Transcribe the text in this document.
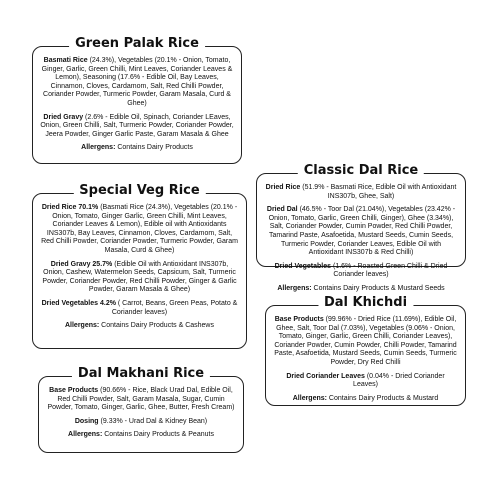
Green Palak Rice

Basmati Rice (24.3%), Vegetables (20.1% - Onion, Tomato, Ginger, Garlic, Green Chilli, Mint Leaves, Coriander Leaves & Lemon), Seasoning (17.6% - Edible Oil, Bay Leaves, Cinnamon, Cloves, Cardamom, Salt, Red Chilli Powder, Coriander Powder, Turmeric Powder, Garam Masala, Curd & Ghee)

Dried Gravy (2.6% - Edible Oil, Spinach, Coriander LEaves, Onion, Green Chilli, Salt, Turmeric Powder, Coriander Powder, Jeera Powder, Ginger Garlic Paste, Garam Masala & Ghee

Allergens: Contains Dairy Products

Special Veg Rice

Dried Rice 70.1% (Basmati Rice (24.3%), Vegetables (20.1% - Onion, Tomato, Ginger Garlic, Green Chilli, Mint Leaves, Coriander Leaves & Lemon), Edible oil with Antioxidants INS307b, Bay Leaves, Cinnamon, Cloves, Cardamom, Salt, Red Chilli Powder, Coriander Powder, Turmeric Powder, Garam Masala, Curd & Ghee)

Dried Gravy 25.7% (Edible Oil with Antioxidant INS307b, Onion, Cashew, Watermelon Seeds, Capsicum, Salt, Turmeric Powder, Coriander Powder, Red Chilli Powder, Ginger & Garlic Powder, Garam Masala & Ghee)

Dried Vegetables 4.2% ( Carrot, Beans, Green Peas, Potato & Coriander leaves)

Allergens: Contains Dairy Products & Cashews

Dal Makhani Rice

Base Products (90.66% - Rice, Black Urad Dal, Edible Oil, Red Chilli Powder, Salt, Garam Masala, Sugar, Cumin Powder, Tomato, Ginger, Garlic, Ghee, Butter, Fresh Cream)

Dosing (9.33% - Urad Dal & Kidney Bean)

Allergens: Contains Dairy Products & Peanuts

Classic Dal Rice

Dried Rice (51.9% - Basmati Rice, Edible Oil with Antioxidant INS307b, Ghee, Salt)

Dried Dal (46.5% - Toor Dal (21.04%), Vegetables (23.42% - Onion, Tomato, Garlic, Green Chilli, Ginger), Ghee (3.34%), Salt, Coriander Powder, Cumin Powder, Red Chilli Powder, Tamarind Paste, Asafoetida, Mustard Seeds, Cumin Seeds, Turmeric Powder, Coriander Leaves, Edible Oil with Antioxidant INS307b & Red Chilli)

Dried Vegetables (1.6% - Roasted Green Chilli & Dried Coriander leaves)

Allergens: Contains Dairy Products & Mustard Seeds

Dal Khichdi

Base Products (99.96% - Dried Rice (11.69%), Edible Oil, Ghee, Salt, Toor Dal (7.03%), Vegetables (9.06% - Onion, Tomato, Ginger, Garlic, Green Chilli, Coriander Leaves), Coriander Powder, Cumin Powder, Chilli Powder, Tamarind Paste, Asafoetida, Mustard Seeds, Cumin Seeds, Turmeric Powder, Dry Red Chilli

Dried Coriander Leaves (0.04% - Dried Coriander Leaves)

Allergens: Contains Dairy Products & Mustard
